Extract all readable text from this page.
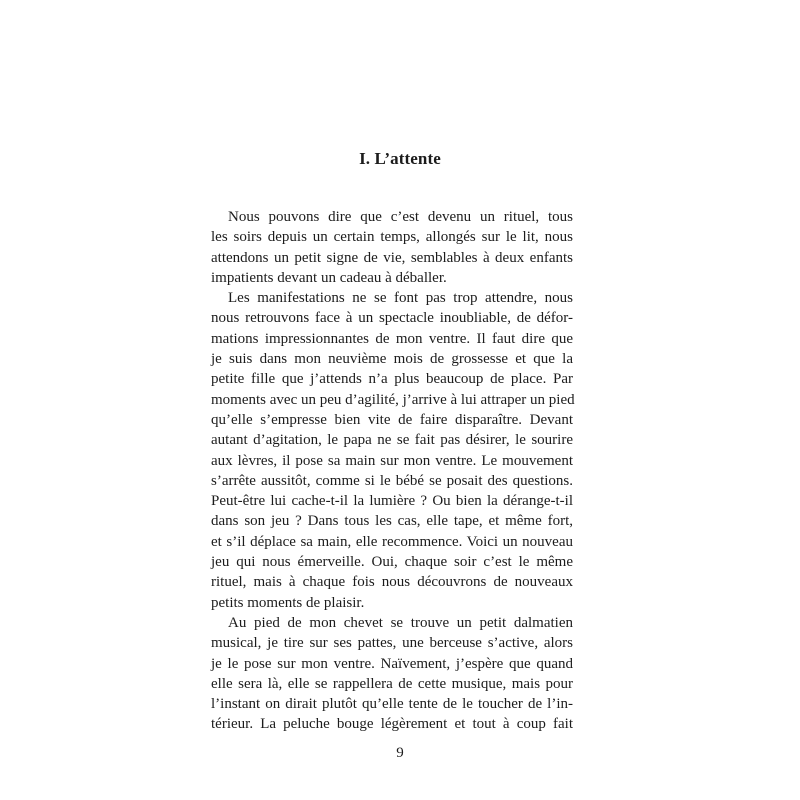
I. L’attente
Nous pouvons dire que c’est devenu un rituel, tous
les soirs depuis un certain temps, allongés sur le lit, nous
attendons un petit signe de vie, semblables à deux enfants
impatients devant un cadeau à déballer.
Les manifestations ne se font pas trop attendre, nous
nous retrouvons face à un spectacle inoubliable, de défor-
mations impressionnantes de mon ventre. Il faut dire que
je suis dans mon neuvième mois de grossesse et que la
petite fille que j’attends n’a plus beaucoup de place. Par
moments avec un peu d’agilité, j’arrive à lui attraper un pied
qu’elle s’empresse bien vite de faire disparaître. Devant
autant d’agitation, le papa ne se fait pas désirer, le sourire
aux lèvres, il pose sa main sur mon ventre. Le mouvement
s’arrête aussitôt, comme si le bébé se posait des questions.
Peut-être lui cache-t-il la lumière ? Ou bien la dérange-t-il
dans son jeu ? Dans tous les cas, elle tape, et même fort,
et s’il déplace sa main, elle recommence. Voici un nouveau
jeu qui nous émerveille. Oui, chaque soir c’est le même
rituel, mais à chaque fois nous découvrons de nouveaux
petits moments de plaisir.
Au pied de mon chevet se trouve un petit dalmatien
musical, je tire sur ses pattes, une berceuse s’active, alors
je le pose sur mon ventre. Naïvement, j’espère que quand
elle sera là, elle se rappellera de cette musique, mais pour
l’instant on dirait plutôt qu’elle tente de le toucher de l’in-
térieur. La peluche bouge légèrement et tout à coup fait
9
